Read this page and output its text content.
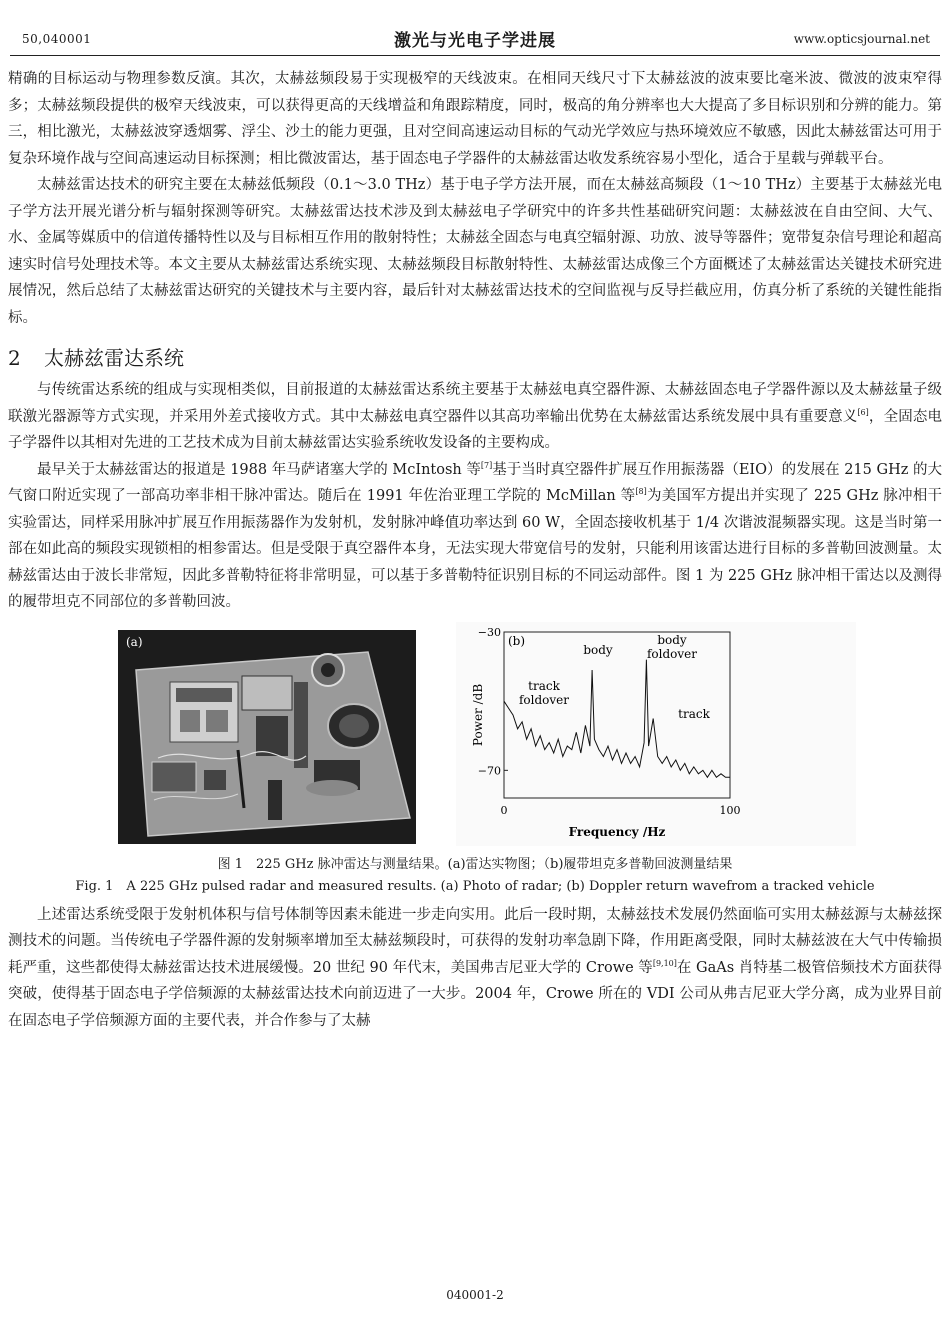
50,040001	激光与光电子学进展	www.opticsjournal.net

精确的目标运动与物理参数反演。其次，太赫兹频段易于实现极窄的天线波束。在相同天线尺寸下太赫兹波的波束要比毫米波、微波的波束窄得多；太赫兹频段提供的极窄天线波束，可以获得更高的天线增益和角跟踪精度，同时，极高的角分辨率也大大提高了多目标识别和分辨的能力。第三，相比激光，太赫兹波穿透烟雾、浮尘、沙土的能力更强，且对空间高速运动目标的气动光学效应与热环境效应不敏感，因此太赫兹雷达可用于复杂环境作战与空间高速运动目标探测；相比微波雷达，基于固态电子学器件的太赫兹雷达收发系统容易小型化，适合于星载与弹载平台。

太赫兹雷达技术的研究主要在太赫兹低频段（0.1～3.0 THz）基于电子学方法开展，而在太赫兹高频段（1～10 THz）主要基于太赫兹光电子学方法开展光谱分析与辐射探测等研究。太赫兹雷达技术涉及到太赫兹电子学研究中的许多共性基础研究问题：太赫兹波在自由空间、大气、水、金属等媒质中的信道传播特性以及与目标相互作用的散射特性；太赫兹全固态与电真空辐射源、功放、波导等器件；宽带复杂信号理论和超高速实时信号处理技术等。本文主要从太赫兹雷达系统实现、太赫兹频段目标散射特性、太赫兹雷达成像三个方面概述了太赫兹雷达关键技术研究进展情况，然后总结了太赫兹雷达研究的关键技术与主要内容，最后针对太赫兹雷达技术的空间监视与反导拦截应用，仿真分析了系统的关键性能指标。

2 太赫兹雷达系统

与传统雷达系统的组成与实现相类似，目前报道的太赫兹雷达系统主要基于太赫兹电真空器件源、太赫兹固态电子学器件源以及太赫兹量子级联激光器源等方式实现，并采用外差式接收方式。其中太赫兹电真空器件以其高功率输出优势在太赫兹雷达系统发展中具有重要意义[6]，全固态电子学器件以其相对先进的工艺技术成为目前太赫兹雷达实验系统收发设备的主要构成。

最早关于太赫兹雷达的报道是 1988 年马萨诸塞大学的 McIntosh 等[7]基于当时真空器件扩展互作用振荡器（EIO）的发展在 215 GHz 的大气窗口附近实现了一部高功率非相干脉冲雷达。随后在 1991 年佐治亚理工学院的 McMillan 等[8]为美国军方提出并实现了 225 GHz 脉冲相干实验雷达，同样采用脉冲扩展互作用振荡器作为发射机，发射脉冲峰值功率达到 60 W，全固态接收机基于 1/4 次谐波混频器实现。这是当时第一部在如此高的频段实现锁相的相参雷达。但是受限于真空器件本身，无法实现大带宽信号的发射，只能利用该雷达进行目标的多普勒回波测量。太赫兹雷达由于波长非常短，因此多普勒特征将非常明显，可以基于多普勒特征识别目标的不同运动部件。图 1 为 225 GHz 脉冲相干雷达以及测得的履带坦克不同部位的多普勒回波。

(a)
−30
−70
0	100
Frequency /Hz
Power /dB
(b)
track
foldover
body
body
foldover
track
图 1　225 GHz 脉冲雷达与测量结果。(a)雷达实物图；（b)履带坦克多普勒回波测量结果
Fig. 1　A 225 GHz pulsed radar and measured results. (a) Photo of radar; (b) Doppler return wavefrom a tracked vehicle

上述雷达系统受限于发射机体积与信号体制等因素未能进一步走向实用。此后一段时期，太赫兹技术发展仍然面临可实用太赫兹源与太赫兹探测技术的问题。当传统电子学器件源的发射频率增加至太赫兹频段时，可获得的发射功率急剧下降，作用距离受限，同时太赫兹波在大气中传输损耗严重，这些都使得太赫兹雷达技术进展缓慢。20 世纪 90 年代末，美国弗吉尼亚大学的 Crowe 等[9,10]在 GaAs 肖特基二极管倍频技术方面获得突破，使得基于固态电子学倍频源的太赫兹雷达技术向前迈进了一大步。2004 年，Crowe 所在的 VDI 公司从弗吉尼亚大学分离，成为业界目前在固态电子学倍频源方面的主要代表，并合作参与了太赫

040001-2
